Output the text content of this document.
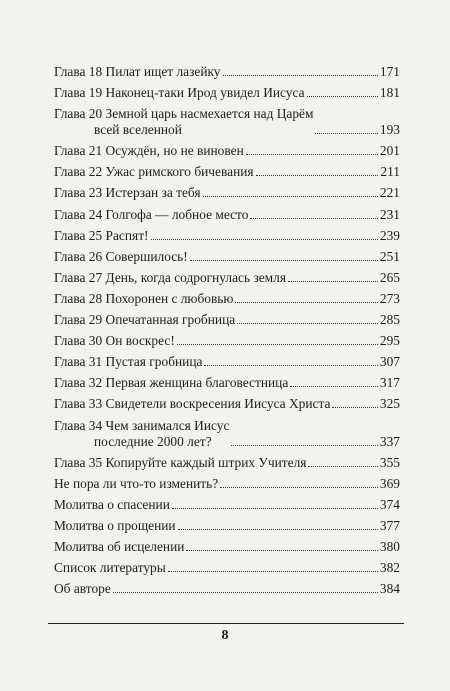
Глава 18 Пилат ищет лазейку	171
Глава 19 Наконец-таки Ирод увидел Иисуса	181
Глава 20 Земной царь насмехается над Царём
всей вселенной	193
Глава 21 Осуждён, но не виновен	201
Глава 22 Ужас римского бичевания	211
Глава 23 Истерзан за тебя	221
Глава 24 Голгофа — лобное место	231
Глава 25 Распят!	239
Глава 26 Совершилось!	251
Глава 27 День, когда содрогнулась земля	265
Глава 28 Похоронен с любовью	273
Глава 29 Опечатанная гробница	285
Глава 30 Он воскрес!	295
Глава 31 Пустая гробница	307
Глава 32 Первая женщина благовестница	317
Глава 33 Свидетели воскресения Иисуса Христа	325
Глава 34 Чем занимался Иисус
последние 2000 лет?	337
Глава 35 Копируйте каждый штрих Учителя	355
Не пора ли что-то изменить?	369
Молитва о спасении	374
Молитва о прощении	377
Молитва об исцелении	380
Список литературы	382
Об авторе	384
8
